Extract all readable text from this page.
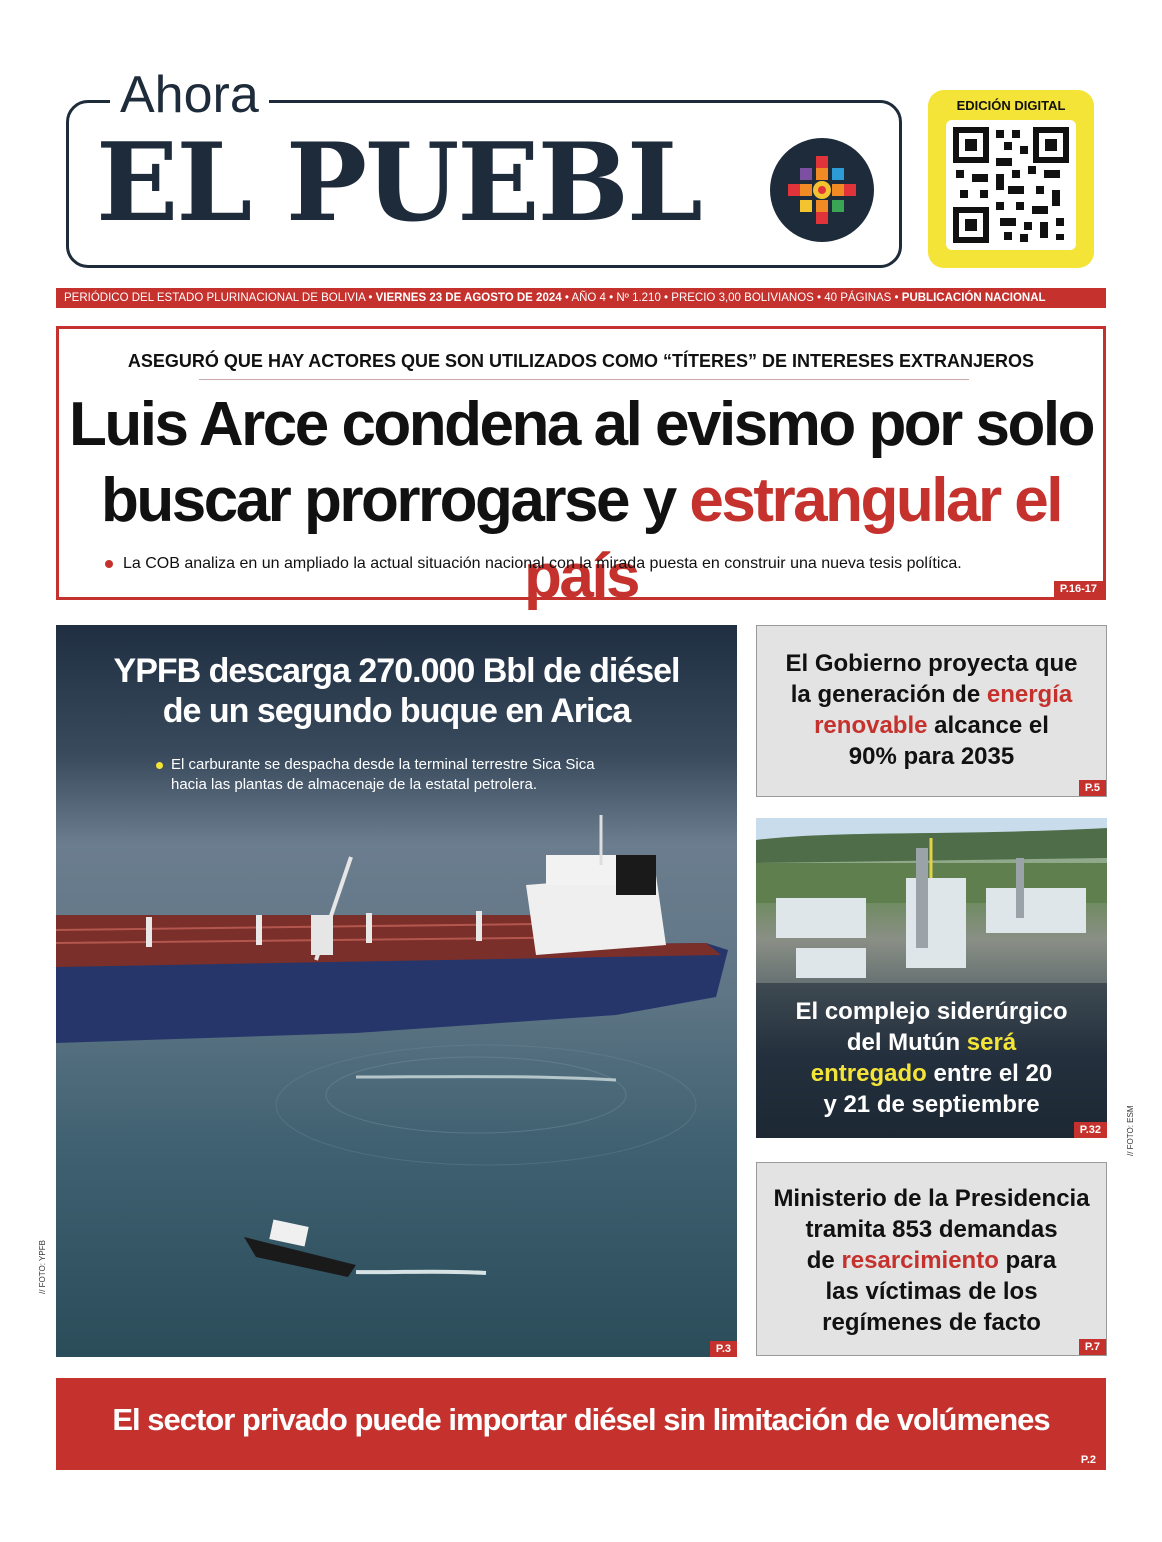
Ahora
EL PUEBL
EDICIÓN DIGITAL
PERIÓDICO DEL ESTADO PLURINACIONAL DE BOLIVIA • VIERNES 23 DE AGOSTO DE 2024 • AÑO 4 • Nº 1.210 • PRECIO 3,00 BOLIVIANOS • 40 PÁGINAS • PUBLICACIÓN NACIONAL
ASEGURÓ QUE HAY ACTORES QUE SON UTILIZADOS COMO “TÍTERES” DE INTERESES EXTRANJEROS
Luis Arce condena al evismo por solo
buscar prorrogarse y estrangular el país
La COB analiza en un ampliado la actual situación nacional con la mirada puesta en construir una nueva tesis política.
P.16-17
YPFB descarga 270.000 Bbl de diésel
de un segundo buque en Arica
El carburante se despacha desde la terminal terrestre Sica Sica
hacia las plantas de almacenaje de la estatal petrolera.
P.3
// FOTO: YPFB
El Gobierno proyecta que
la generación de energía
renovable alcance el
90% para 2035
P.5
El complejo siderúrgico
del Mutún será
entregado entre el 20
y 21 de septiembre
P.32	// FOTO: ESM
Ministerio de la Presidencia
tramita 853 demandas
de resarcimiento para
las víctimas de los
regímenes de facto
P.7
El sector privado puede importar diésel sin limitación de volúmenes
P.2
